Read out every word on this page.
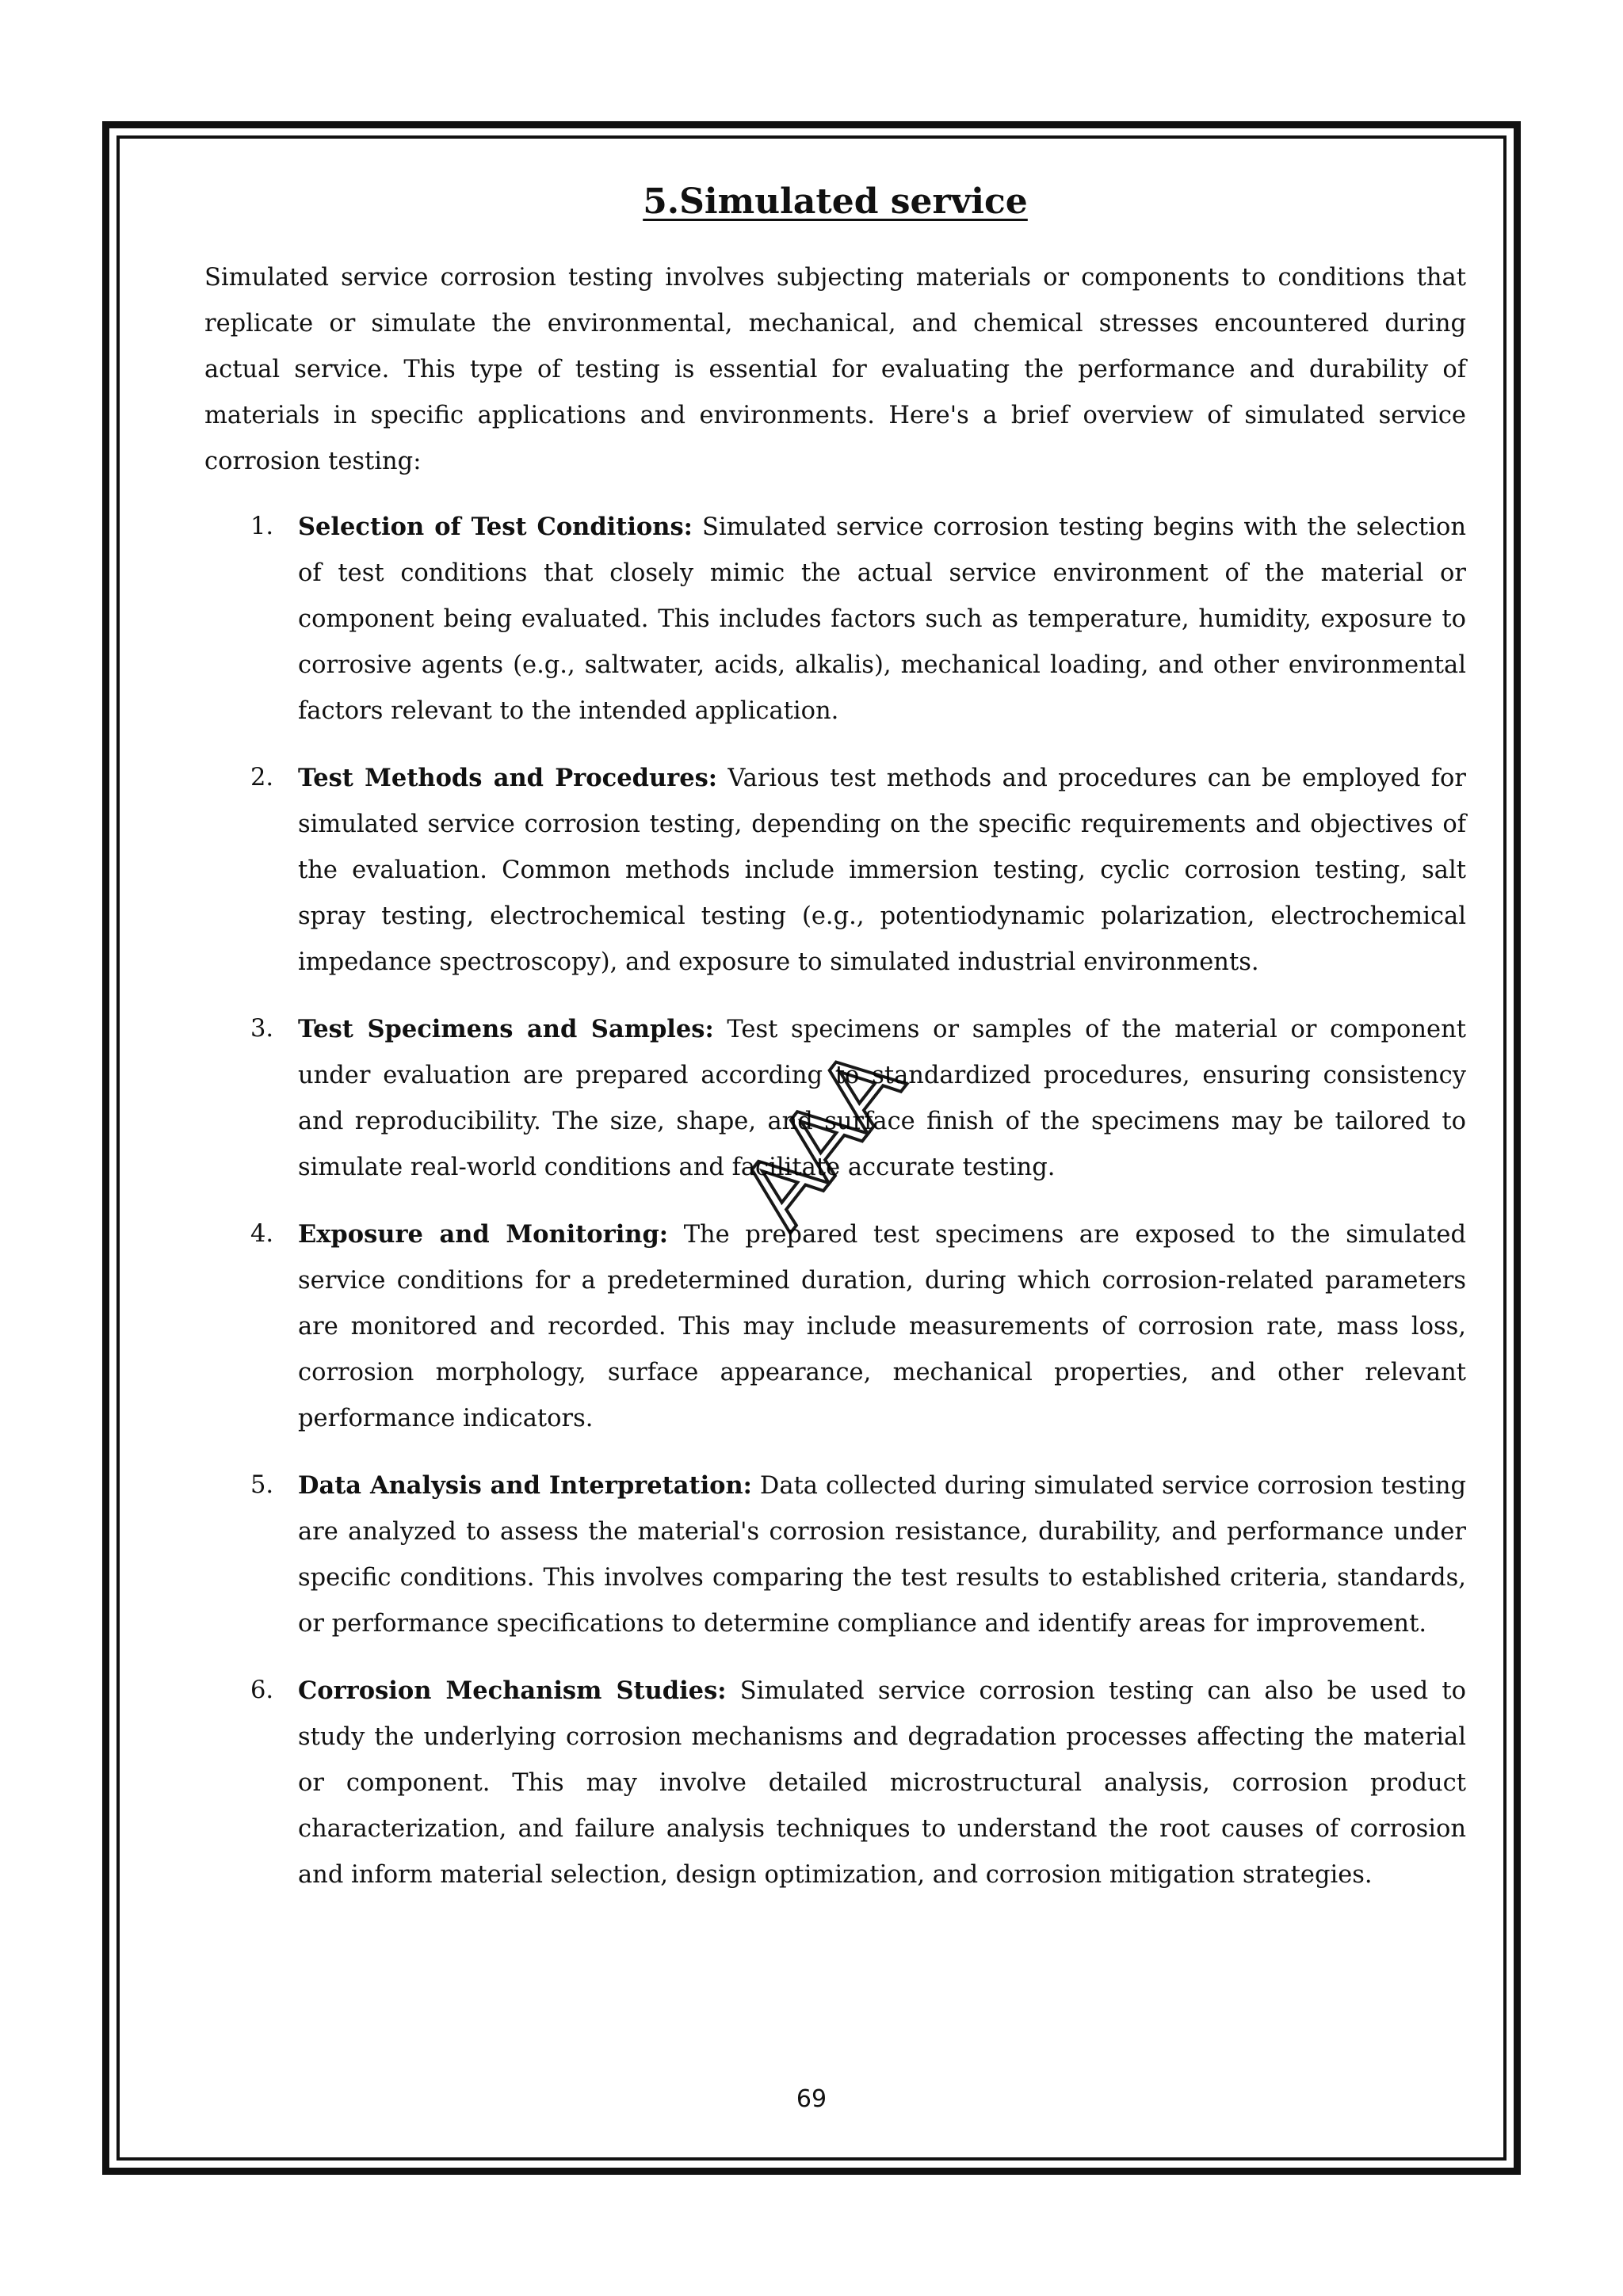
5.Simulated service

Simulated service corrosion testing involves subjecting materials or components to conditions that replicate or simulate the environmental, mechanical, and chemical stresses encountered during actual service. This type of testing is essential for evaluating the performance and durability of materials in specific applications and environments. Here's a brief overview of simulated service corrosion testing:

1. Selection of Test Conditions: Simulated service corrosion testing begins with the selection of test conditions that closely mimic the actual service environment of the material or component being evaluated. This includes factors such as temperature, humidity, exposure to corrosive agents (e.g., saltwater, acids, alkalis), mechanical loading, and other environmental factors relevant to the intended application.
2. Test Methods and Procedures: Various test methods and procedures can be employed for simulated service corrosion testing, depending on the specific requirements and objectives of the evaluation. Common methods include immersion testing, cyclic corrosion testing, salt spray testing, electrochemical testing (e.g., potentiodynamic polarization, electrochemical impedance spectroscopy), and exposure to simulated industrial environments.
3. Test Specimens and Samples: Test specimens or samples of the material or component under evaluation are prepared according to standardized procedures, ensuring consistency and reproducibility. The size, shape, and surface finish of the specimens may be tailored to simulate real-world conditions and facilitate accurate testing.
4. Exposure and Monitoring: The prepared test specimens are exposed to the simulated service conditions for a predetermined duration, during which corrosion-related parameters are monitored and recorded. This may include measurements of corrosion rate, mass loss, corrosion morphology, surface appearance, mechanical properties, and other relevant performance indicators.
5. Data Analysis and Interpretation: Data collected during simulated service corrosion testing are analyzed to assess the material's corrosion resistance, durability, and performance under specific conditions. This involves comparing the test results to established criteria, standards, or performance specifications to determine compliance and identify areas for improvement.
6. Corrosion Mechanism Studies: Simulated service corrosion testing can also be used to study the underlying corrosion mechanisms and degradation processes affecting the material or component. This may involve detailed microstructural analysis, corrosion product characterization, and failure analysis techniques to understand the root causes of corrosion and inform material selection, design optimization, and corrosion mitigation strategies.
AAA
69
